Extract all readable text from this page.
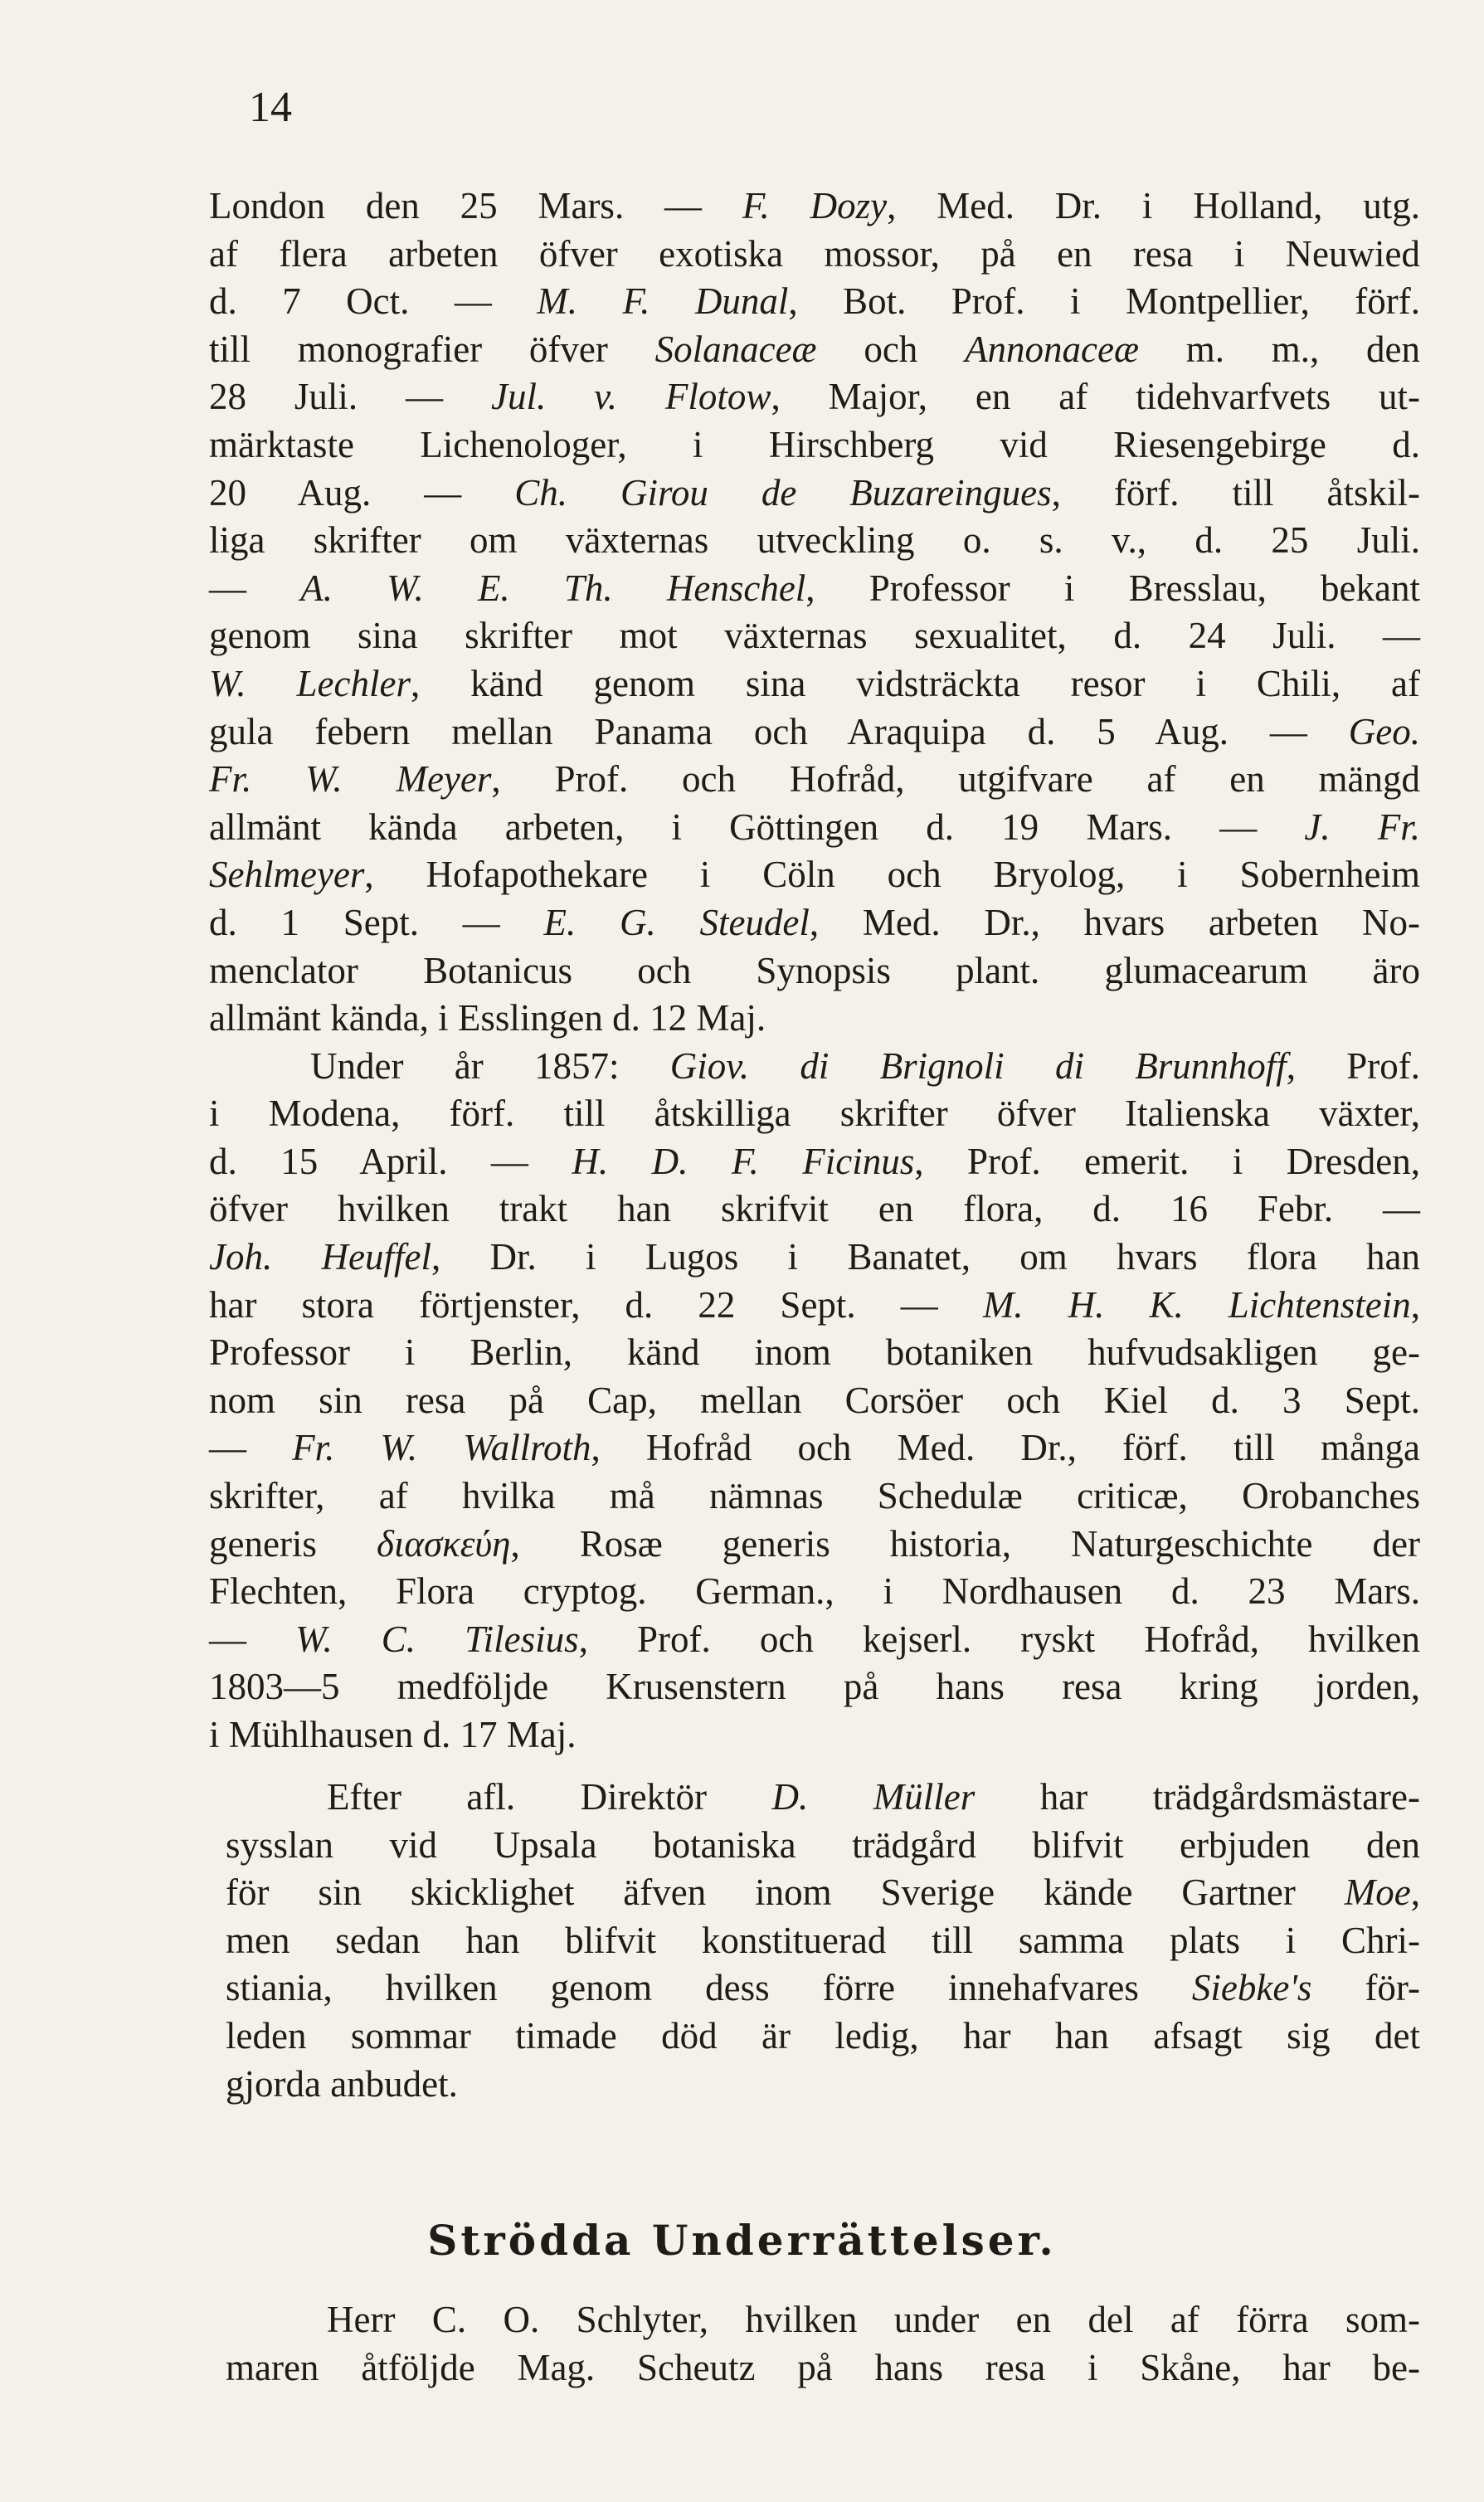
14
London den 25 Mars. — F. Dozy, Med. Dr. i Holland, utg.
af flera arbeten öfver exotiska mossor, på en resa i Neuwied
d. 7 Oct. — M. F. Dunal, Bot. Prof. i Montpellier, förf.
till monografier öfver Solanaceæ och Annonaceæ m. m., den
28 Juli. — Jul. v. Flotow, Major, en af tidehvarfvets ut-
märktaste Lichenologer, i Hirschberg vid Riesengebirge d.
20 Aug. — Ch. Girou de Buzareingues, förf. till åtskil-
liga skrifter om växternas utveckling o. s. v., d. 25 Juli.
— A. W. E. Th. Henschel, Professor i Bresslau, bekant
genom sina skrifter mot växternas sexualitet, d. 24 Juli. —
W. Lechler, känd genom sina vidsträckta resor i Chili, af
gula febern mellan Panama och Araquipa d. 5 Aug. — Geo.
Fr. W. Meyer, Prof. och Hofråd, utgifvare af en mängd
allmänt kända arbeten, i Göttingen d. 19 Mars. — J. Fr.
Sehlmeyer, Hofapothekare i Cöln och Bryolog, i Sobernheim
d. 1 Sept. — E. G. Steudel, Med. Dr., hvars arbeten No-
menclator Botanicus och Synopsis plant. glumacearum äro
allmänt kända, i Esslingen d. 12 Maj.
Under år 1857: Giov. di Brignoli di Brunnhoff, Prof.
i Modena, förf. till åtskilliga skrifter öfver Italienska växter,
d. 15 April. — H. D. F. Ficinus, Prof. emerit. i Dresden,
öfver hvilken trakt han skrifvit en flora, d. 16 Febr. —
Joh. Heuffel, Dr. i Lugos i Banatet, om hvars flora han
har stora förtjenster, d. 22 Sept. — M. H. K. Lichtenstein,
Professor i Berlin, känd inom botaniken hufvudsakligen ge-
nom sin resa på Cap, mellan Corsöer och Kiel d. 3 Sept.
— Fr. W. Wallroth, Hofråd och Med. Dr., förf. till många
skrifter, af hvilka må nämnas Schedulæ criticæ, Orobanches
generis διασκεύη, Rosæ generis historia, Naturgeschichte der
Flechten, Flora cryptog. German., i Nordhausen d. 23 Mars.
— W. C. Tilesius, Prof. och kejserl. ryskt Hofråd, hvilken
1803—5 medföljde Krusenstern på hans resa kring jorden,
i Mühlhausen d. 17 Maj.
Efter afl. Direktör D. Müller har trädgårdsmästare-
sysslan vid Upsala botaniska trädgård blifvit erbjuden den
för sin skicklighet äfven inom Sverige kände Gartner Moe,
men sedan han blifvit konstituerad till samma plats i Chri-
stiania, hvilken genom dess förre innehafvares Siebke's för-
leden sommar timade död är ledig, har han afsagt sig det
gjorda anbudet.
Strödda Underrättelser.
Herr C. O. Schlyter, hvilken under en del af förra som-
maren åtföljde Mag. Scheutz på hans resa i Skåne, har be-
